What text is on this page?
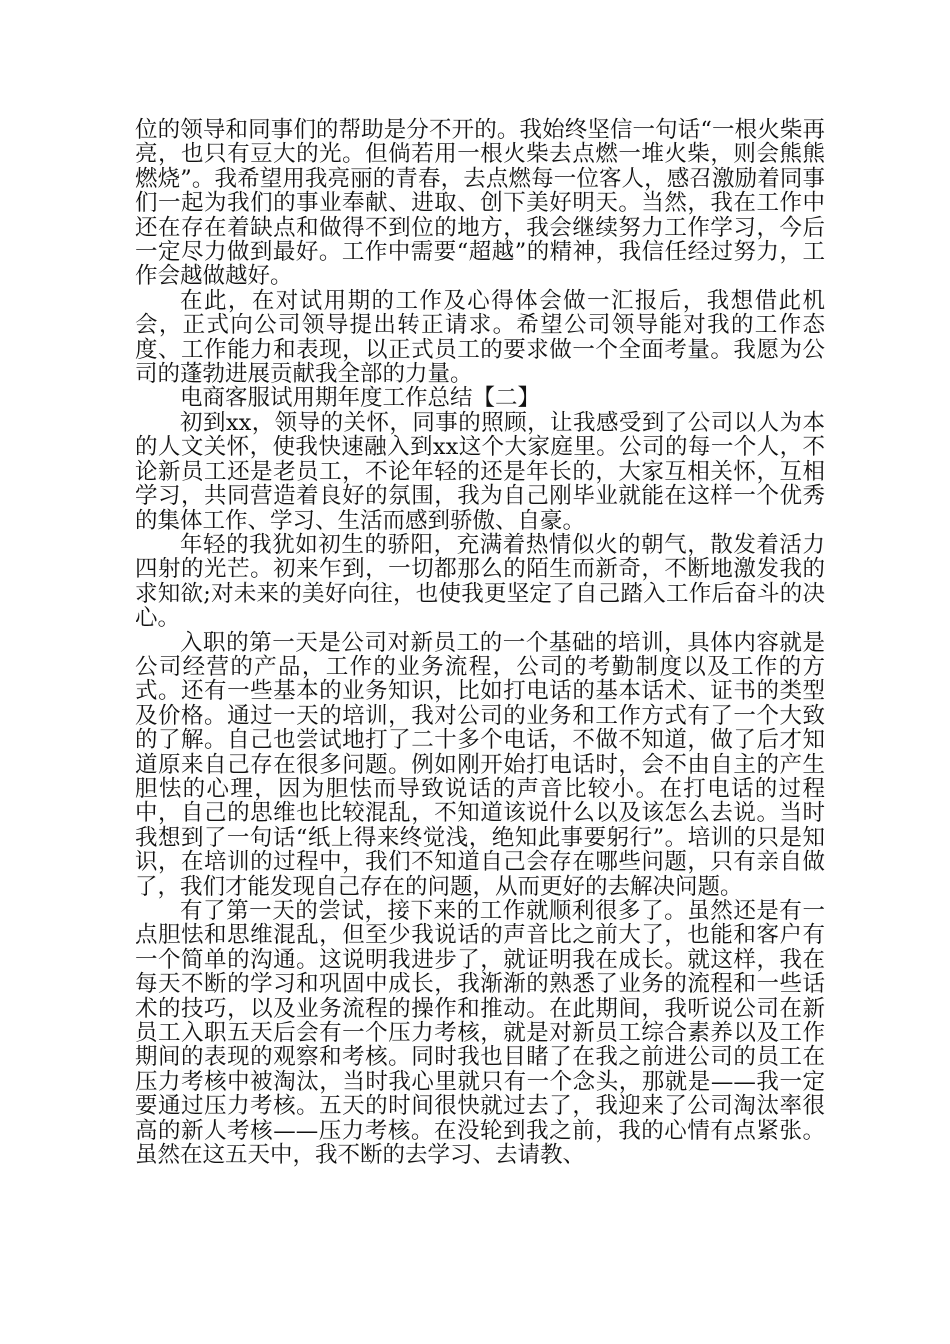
位的领导和同事们的帮助是分不开的。我始终坚信一句话“一根火柴再亮，也只有豆大的光。但倘若用一根火柴去点燃一堆火柴，则会熊熊燃烧”。我希望用我亮丽的青春，去点燃每一位客人，感召激励着同事们一起为我们的事业奉献、进取、创下美好明天。当然，我在工作中还在存在着缺点和做得不到位的地方，我会继续努力工作学习，今后一定尽力做到最好。工作中需要“超越”的精神，我信任经过努力，工作会越做越好。

在此，在对试用期的工作及心得体会做一汇报后，我想借此机会，正式向公司领导提出转正请求。希望公司领导能对我的工作态度、工作能力和表现，以正式员工的要求做一个全面考量。我愿为公司的蓬勃进展贡献我全部的力量。

电商客服试用期年度工作总结【二】

初到xx，领导的关怀，同事的照顾，让我感受到了公司以人为本的人文关怀，使我快速融入到xx这个大家庭里。公司的每一个人，不论新员工还是老员工，不论年轻的还是年长的，大家互相关怀，互相学习，共同营造着良好的氛围，我为自己刚毕业就能在这样一个优秀的集体工作、学习、生活而感到骄傲、自豪。

年轻的我犹如初生的骄阳，充满着热情似火的朝气，散发着活力四射的光芒。初来乍到，一切都那么的陌生而新奇，不断地激发我的求知欲;对未来的美好向往，也使我更坚定了自己踏入工作后奋斗的决心。

入职的第一天是公司对新员工的一个基础的培训，具体内容就是公司经营的产品，工作的业务流程，公司的考勤制度以及工作的方式。还有一些基本的业务知识，比如打电话的基本话术、证书的类型及价格。通过一天的培训，我对公司的业务和工作方式有了一个大致的了解。自己也尝试地打了二十多个电话，不做不知道，做了后才知道原来自己存在很多问题。例如刚开始打电话时，会不由自主的产生胆怯的心理，因为胆怯而导致说话的声音比较小。在打电话的过程中，自己的思维也比较混乱，不知道该说什么以及该怎么去说。当时我想到了一句话“纸上得来终觉浅，绝知此事要躬行”。培训的只是知识，在培训的过程中，我们不知道自己会存在哪些问题，只有亲自做了，我们才能发现自己存在的问题，从而更好的去解决问题。

有了第一天的尝试，接下来的工作就顺利很多了。虽然还是有一点胆怯和思维混乱，但至少我说话的声音比之前大了，也能和客户有一个简单的沟通。这说明我进步了，就证明我在成长。就这样，我在每天不断的学习和巩固中成长，我渐渐的熟悉了业务的流程和一些话术的技巧，以及业务流程的操作和推动。在此期间，我听说公司在新员工入职五天后会有一个压力考核，就是对新员工综合素养以及工作期间的表现的观察和考核。同时我也目睹了在我之前进公司的员工在压力考核中被淘汰，当时我心里就只有一个念头，那就是——我一定要通过压力考核。五天的时间很快就过去了，我迎来了公司淘汰率很高的新人考核——压力考核。在没轮到我之前，我的心情有点紧张。虽然在这五天中，我不断的去学习、去请教、
